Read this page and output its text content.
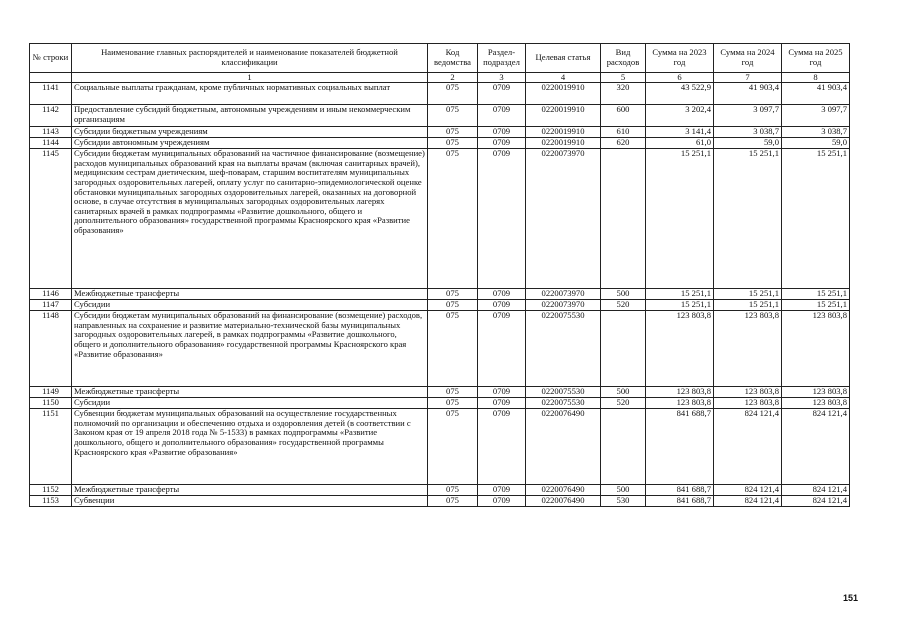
№ строки	Наименование главных распорядителей и наименование показателей бюджетной классификации	Код ведомства	Раздел-подраздел	Целевая статья	Вид расходов	Сумма на 2023 год	Сумма на 2024 год	Сумма на 2025 год
	1	2	3	4	5	6	7	8
1141	Социальные выплаты гражданам, кроме публичных нормативных социальных выплат	075	0709	0220019910	320	43 522,9	41 903,4	41 903,4
1142	Предоставление субсидий бюджетным, автономным учреждениям и иным некоммерческим организациям	075	0709	0220019910	600	3 202,4	3 097,7	3 097,7
1143	Субсидии бюджетным учреждениям	075	0709	0220019910	610	3 141,4	3 038,7	3 038,7
1144	Субсидии автономным учреждениям	075	0709	0220019910	620	61,0	59,0	59,0
1145	Субсидии бюджетам муниципальных образований на частичное финансирование (возмещение) расходов муниципальных образований края на выплаты врачам (включая санитарных врачей), медицинским сестрам диетическим, шеф-поварам, старшим воспитателям муниципальных загородных оздоровительных лагерей, оплату услуг по санитарно-эпидемиологической оценке обстановки муниципальных загородных оздоровительных лагерей, оказанных на договорной основе, в случае отсутствия в муниципальных загородных оздоровительных лагерях санитарных врачей в рамках подпрограммы «Развитие дошкольного, общего и дополнительного образования» государственной программы Красноярского края «Развитие образования»	075	0709	0220073970		15 251,1	15 251,1	15 251,1
1146	Межбюджетные трансферты	075	0709	0220073970	500	15 251,1	15 251,1	15 251,1
1147	Субсидии	075	0709	0220073970	520	15 251,1	15 251,1	15 251,1
1148	Субсидии бюджетам муниципальных образований на финансирование (возмещение) расходов, направленных на сохранение и развитие материально-технической базы муниципальных загородных оздоровительных лагерей, в рамках подпрограммы «Развитие дошкольного, общего и дополнительного образования» государственной программы Красноярского края «Развитие образования»	075	0709	0220075530		123 803,8	123 803,8	123 803,8
1149	Межбюджетные трансферты	075	0709	0220075530	500	123 803,8	123 803,8	123 803,8
1150	Субсидии	075	0709	0220075530	520	123 803,8	123 803,8	123 803,8
1151	Субвенции бюджетам муниципальных образований на осуществление государственных полномочий по организации и обеспечению отдыха и оздоровления детей (в соответствии с Законом края от 19 апреля 2018 года № 5-1533) в рамках подпрограммы «Развитие дошкольного, общего и дополнительного образования» государственной программы Красноярского края «Развитие образования»	075	0709	0220076490		841 688,7	824 121,4	824 121,4
1152	Межбюджетные трансферты	075	0709	0220076490	500	841 688,7	824 121,4	824 121,4
1153	Субвенции	075	0709	0220076490	530	841 688,7	824 121,4	824 121,4
151
